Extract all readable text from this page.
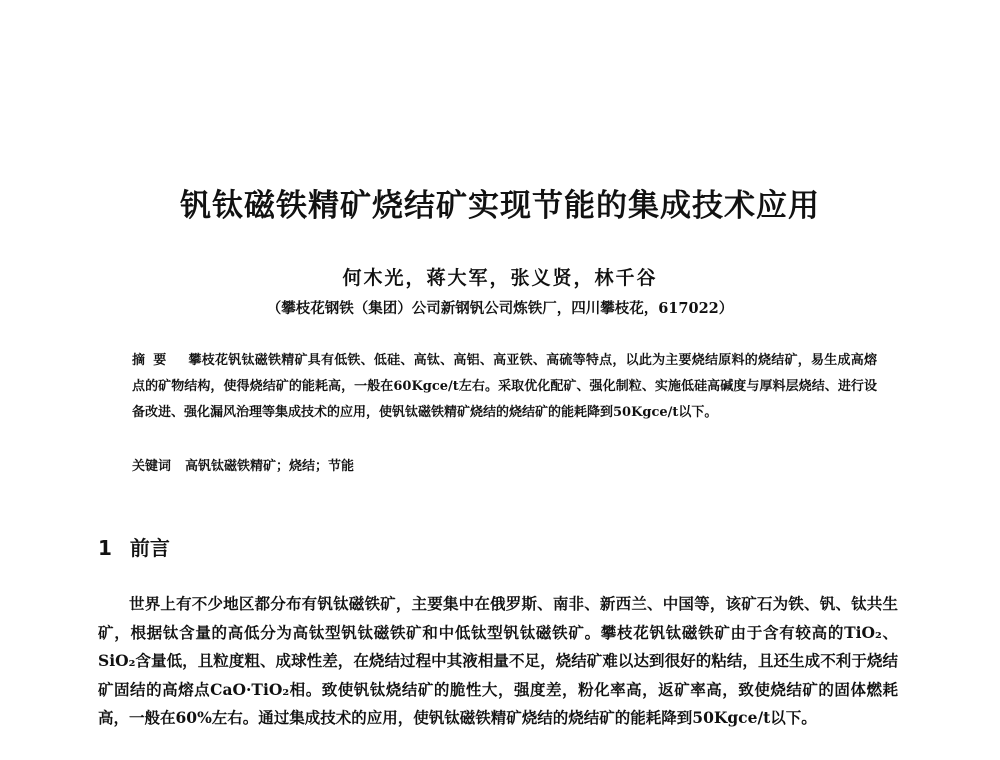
钒钛磁铁精矿烧结矿实现节能的集成技术应用
何木光，蒋大军，张义贤，林千谷
（攀枝花钢铁（集团）公司新钢钒公司炼铁厂，四川攀枝花，617022）
摘要 攀枝花钒钛磁铁精矿具有低铁、低硅、高钛、高铝、高亚铁、高硫等特点，以此为主要烧结原料的烧结矿，易生成高熔点的矿物结构，使得烧结矿的能耗高，一般在60Kgce/t左右。采取优化配矿、强化制粒、实施低硅高碱度与厚料层烧结、进行设备改进、强化漏风治理等集成技术的应用，使钒钛磁铁精矿烧结的烧结矿的能耗降到50Kgce/t以下。
关键词 高钒钛磁铁精矿；烧结；节能
1 前言
世界上有不少地区都分布有钒钛磁铁矿，主要集中在俄罗斯、南非、新西兰、中国等，该矿石为铁、钒、钛共生矿，根据钛含量的高低分为高钛型钒钛磁铁矿和中低钛型钒钛磁铁矿。攀枝花钒钛磁铁矿由于含有较高的TiO₂、SiO₂含量低，且粒度粗、成球性差，在烧结过程中其液相量不足，烧结矿难以达到很好的粘结，且还生成不利于烧结矿固结的高熔点CaO·TiO₂相。致使钒钛烧结矿的脆性大，强度差，粉化率高，返矿率高，致使烧结矿的固体燃耗高，一般在60%左右。通过集成技术的应用，使钒钛磁铁精矿烧结的烧结矿的能耗降到50Kgce/t以下。
